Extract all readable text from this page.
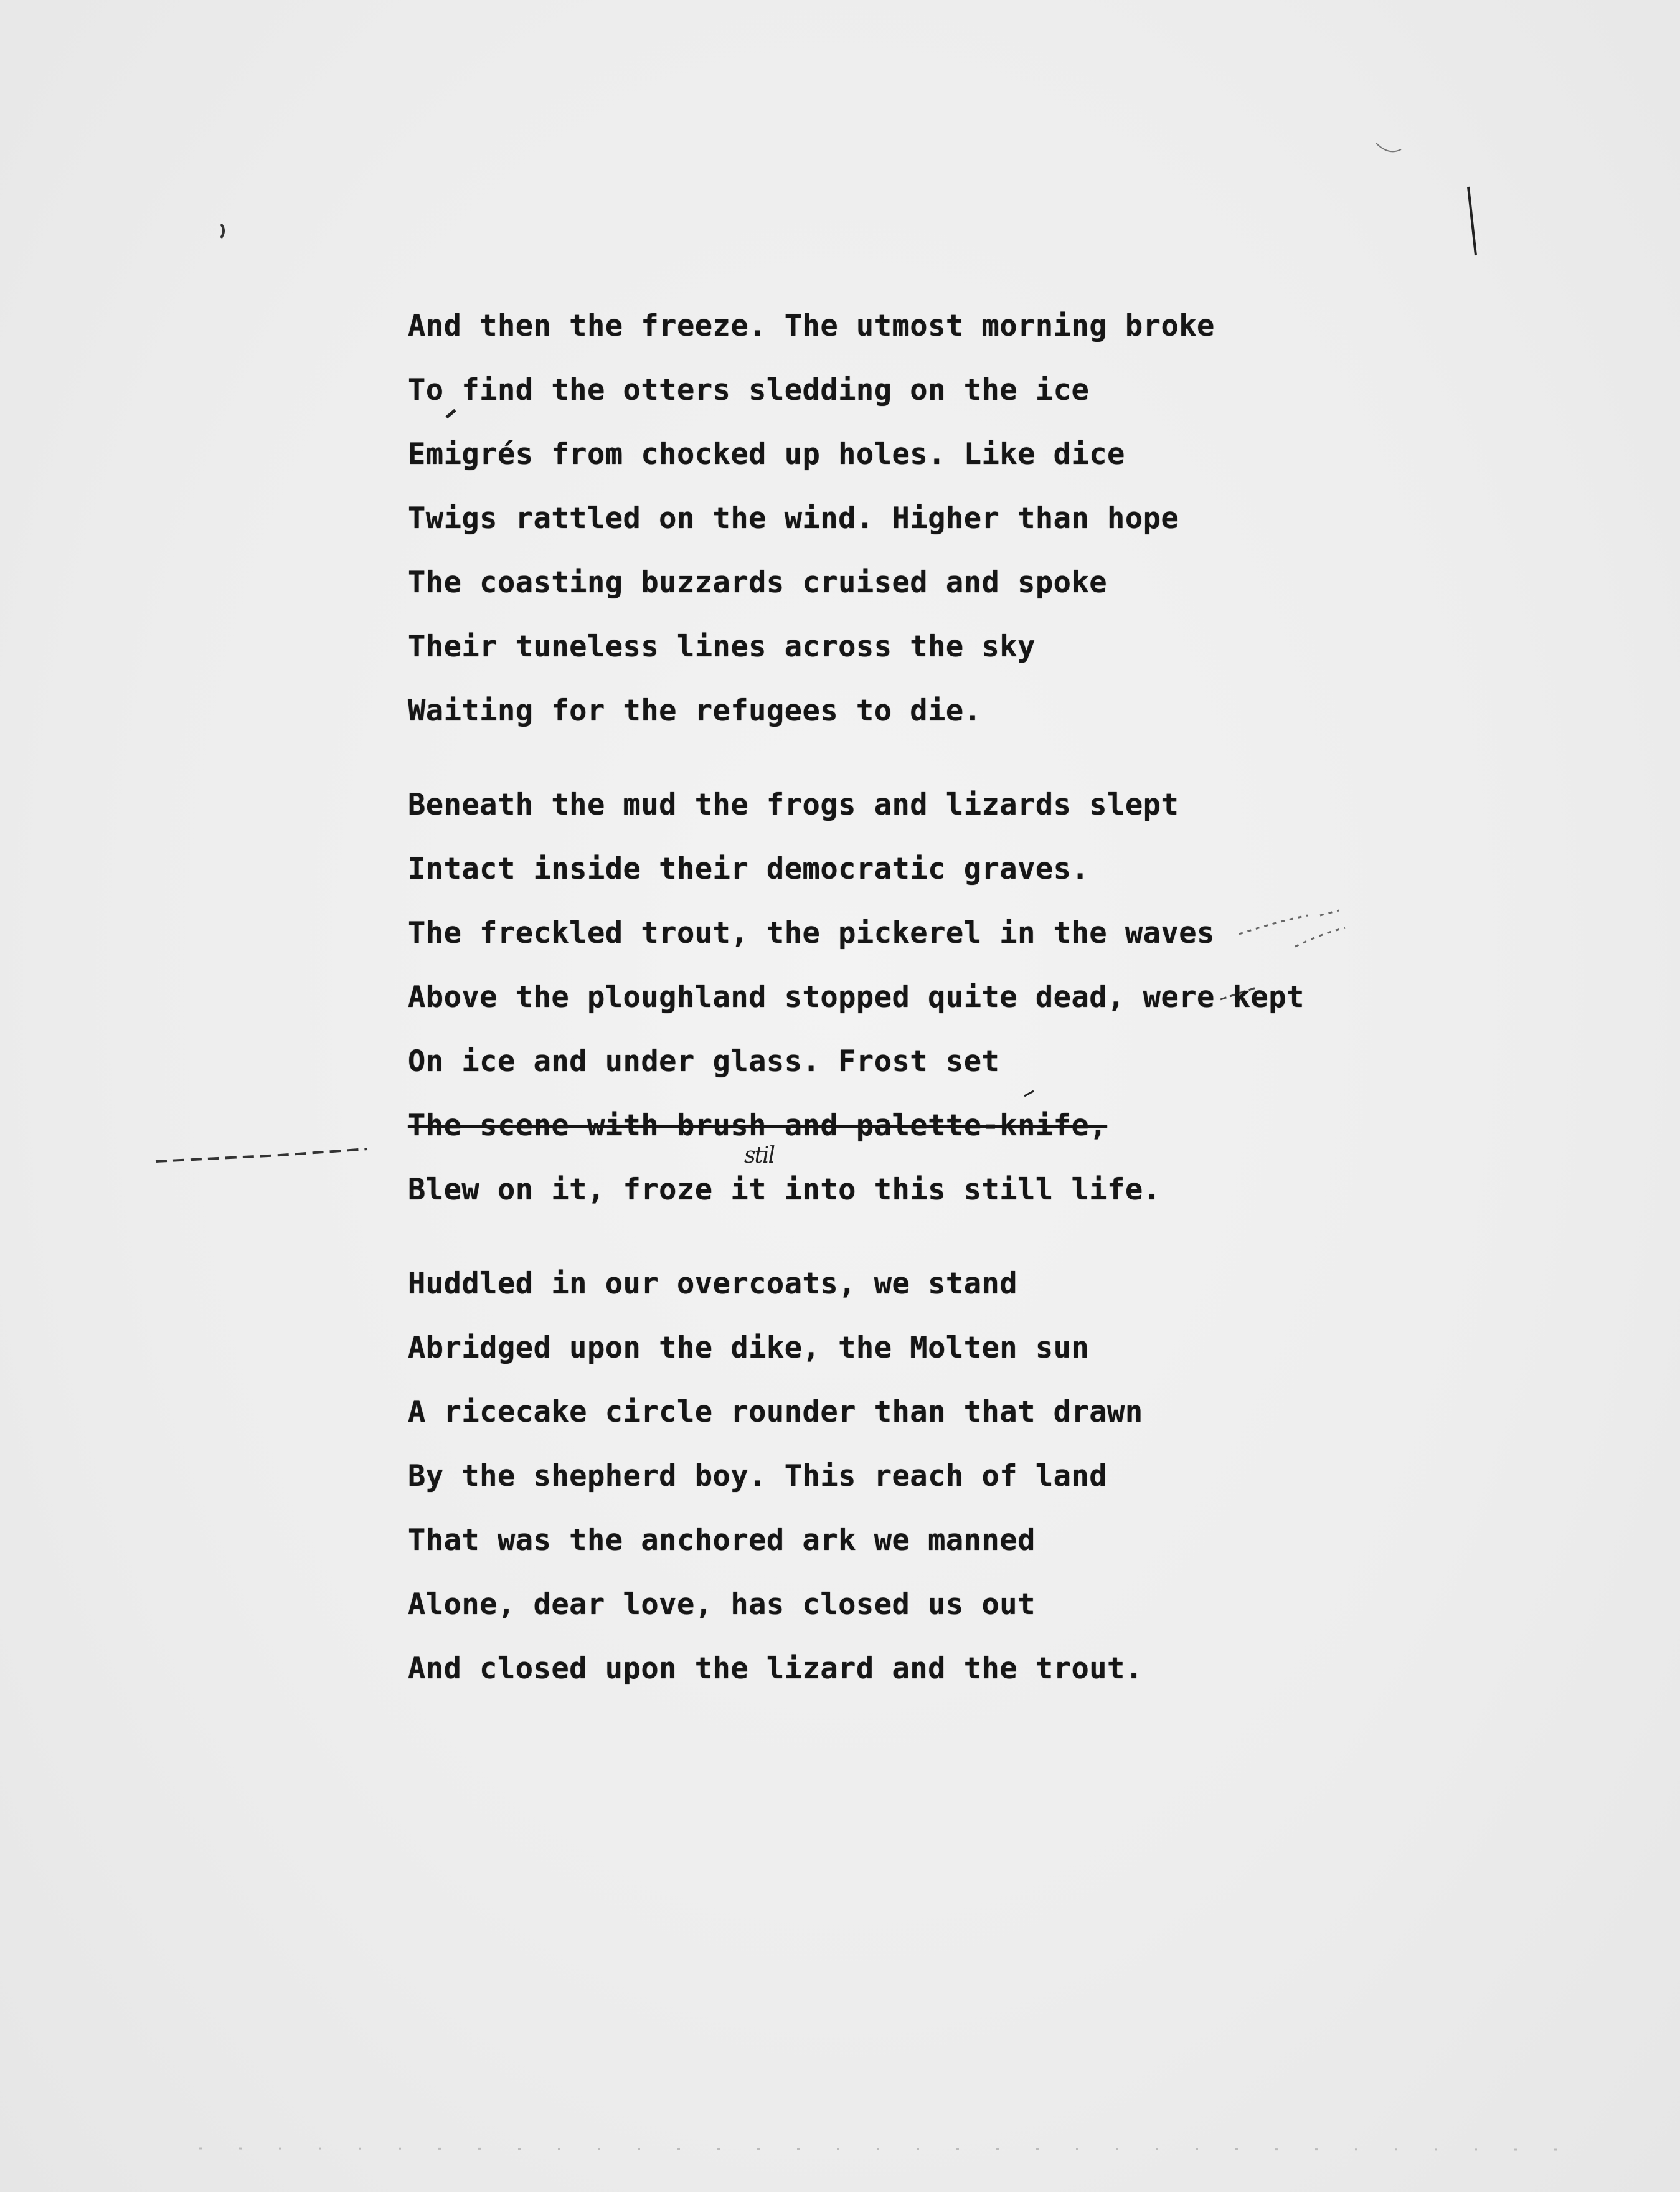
stil
And then the freeze. The utmost morning broke
To find the otters sledding on the ice
Emigrés from chocked up holes. Like dice
Twigs rattled on the wind. Higher than hope
The coasting buzzards cruised and spoke
Their tuneless lines across the sky
Waiting for the refugees to die.
Beneath the mud the frogs and lizards slept
Intact inside their democratic graves.
The freckled trout, the pickerel in the waves
Above the ploughland stopped quite dead, were kept
On ice and under glass. Frost set
The scene with brush and palette-knife,
Blew on it, froze it into this still life.
Huddled in our overcoats, we stand
Abridged upon the dike, the Molten sun
A ricecake circle rounder than that drawn
By the shepherd boy. This reach of land
That was the anchored ark we manned
Alone, dear love, has closed us out
And closed upon the lizard and the trout.
